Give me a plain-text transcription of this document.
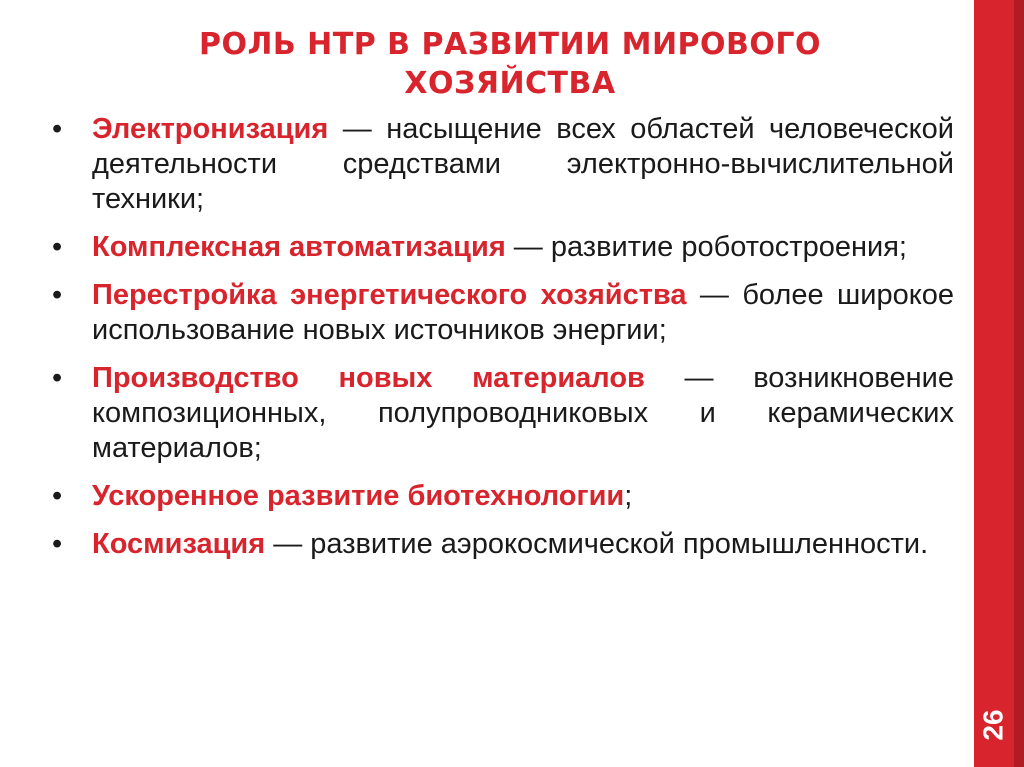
РОЛЬ НТР В РАЗВИТИИ МИРОВОГО ХОЗЯЙСТВА
• Электронизация — насыщение всех областей человеческой деятельности средствами электронно-вычислительной техники;
• Комплексная автоматизация — развитие роботостроения;
• Перестройка энергетического хозяйства — более широкое использование новых источников энергии;
• Производство новых материалов — возникновение композиционных, полупроводниковых и керамических материалов;
• Ускоренное развитие биотехнологии;
• Космизация — развитие аэрокосмической промышленности.
26
